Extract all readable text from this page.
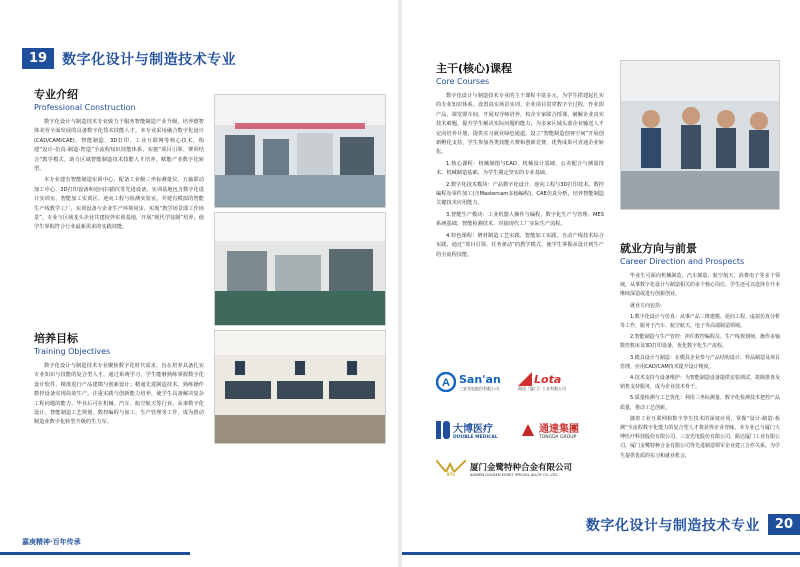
19	数字化设计与制造技术专业
专业介绍
Professional Construction

数字化设计与制造技术专业致力于服务智能制造产业升级，培养德智体美劳全面发展的具备数字化技术技能人才。本专业采用融合数字化设计(CAD/CAM/CAE)、智能制造、3D打印、工业互联网等核心技术，构建“设计-仿真-制造-智造”全流程知识技能体系，实施“项目引领、赛训结合”教学模式，助力区域智能制造技术技能人才培养，赋能产业数字化转型。

本专业建有智能制造实训中心，配备工业级三坐标测量仪、五轴联动加工中心、3D打印设备和逆向扫描仪等先进设备，实训基地包含数字化设计实训室、智能加工实训区、逆向工程与检测实验室，并建有模拟的智能生产线教学工厂，实训设备与企业生产环境同步，实现“教学场景即工作场景”。专业与区域龙头企业共建校外实训基地，开展“现代学徒制”培养，使学生掌握符合行业最新需求的实践技能。

培养目标
Training Objectives

数字化设计与制造技术专业聚焦数字化时代需求，旨在培养具备扎实专业知识与技能的复合型人才。通过系统学习，学生能够熟练掌握数字化设计软件，精准进行产品建模与创新设计；精通先进制造技术，熟练操作数控设备实现高效生产。注重实践与创新能力培养，使学生具备解决复杂工程问题的能力，毕业后可在机械、汽车、航空航天等行业，从事数字化设计、智能制造工艺规划、数控编程与加工、生产管理等工作，成为推动制造业数字化转型升级的生力军。

嘉庚精神·百年传承
主干(核心)课程
Core Courses

数字化设计与制造技术专业的主干课程丰富多元，为学生搭建起扎实的专业知识体系。设置真实场景实训、企业项目贯穿数字全过程，作业即产品，课堂即车间，开展双导师培养，校企专家联合授课，破解企业真实技术难题，提升学生解决实际问题的能力，为多家区域头部企业输送人才定向培养计划，提供实习就业绿色通道。设立“智能制造创客空间”开展创新孵化支持，学生参加各类技能大赛和创新竞赛，优秀成果可直通企业转化。

1.核心课程：机械制图与CAD、机械设计基础、公差配合与测量技术、机械制造基础，为学生奠定坚实的专业基础。

2.数字化技术模块：产品数字化设计、逆向工程与3D打印技术、数控编程及零件加工(含Mastercam多轴编程)、CAE仿真分析，培养智能制造关键技术应用能力。

3.智能生产模块：工业机器人操作与编程、数字化生产与管理、MES系统基础、智能检测技术、对接现代工厂实际生产流程。

4.特色课程：增材制造工艺实践、智能加工实践、自动产线技术综合实践，通过“项目引领、任务驱动”的教学模式，使学生掌握从设计到生产的全流程技能。	就业方向与前景
Career Direction and Prospects

毕业生可面向机械制造、汽车制造、航空航天、消费电子等多个领域，从事数字化设计与制造相关的多个核心岗位。学生还可以选择专升本继续深造或进行创新创业。

就业方向包括：

1.数字化设计与仿真：从事产品三维建模、逆向工程、虚拟仿真分析等工作，服务于汽车、航空航天、电子等高端制造领域。

2.智能制造与生产管控：担任数控编程员、生产线规划师，操作多轴数控机床及3D打印设备，优化数字化生产流程。

3.模具设计与制造：在模具企业参与产品结构设计、样品制造及项目管理，应用CAD/CAM技术提升设计精度。

4.技术支持与设备维护：为智能制造设备提供安装调试、故障排查及销售支持服务，成为企业技术骨干。

5.质量检测与工艺优化：利用三坐标测量、数字化检测技术把控产品质量，推动工艺创新。

随着工业互联网和数字孪生技术的深度应用，掌握“设计-制造-检测”全流程数字化能力的复合型人才将获得企业青睐。本专业已与厦门大博医疗科技股份有限公司、三安光电股份有限公司、路达厦门工业有限公司、厦门金鹭特种合金有限公司等先进制造领军企业建立合作关系，为学生提供优质的实习和就业机会。

A San'an
三安光电股份有限公司
Lota
路达（厦门）工业有限公司
大博医疗
DOUBLE MEDICAL
通達集團
TONGDA GROUP
XTC
厦门金鹭特种合金有限公司
XIAMEN GOLDEN EGRET SPECIAL ALLOY CO.,LTD.
数字化设计与制造技术专业	20
